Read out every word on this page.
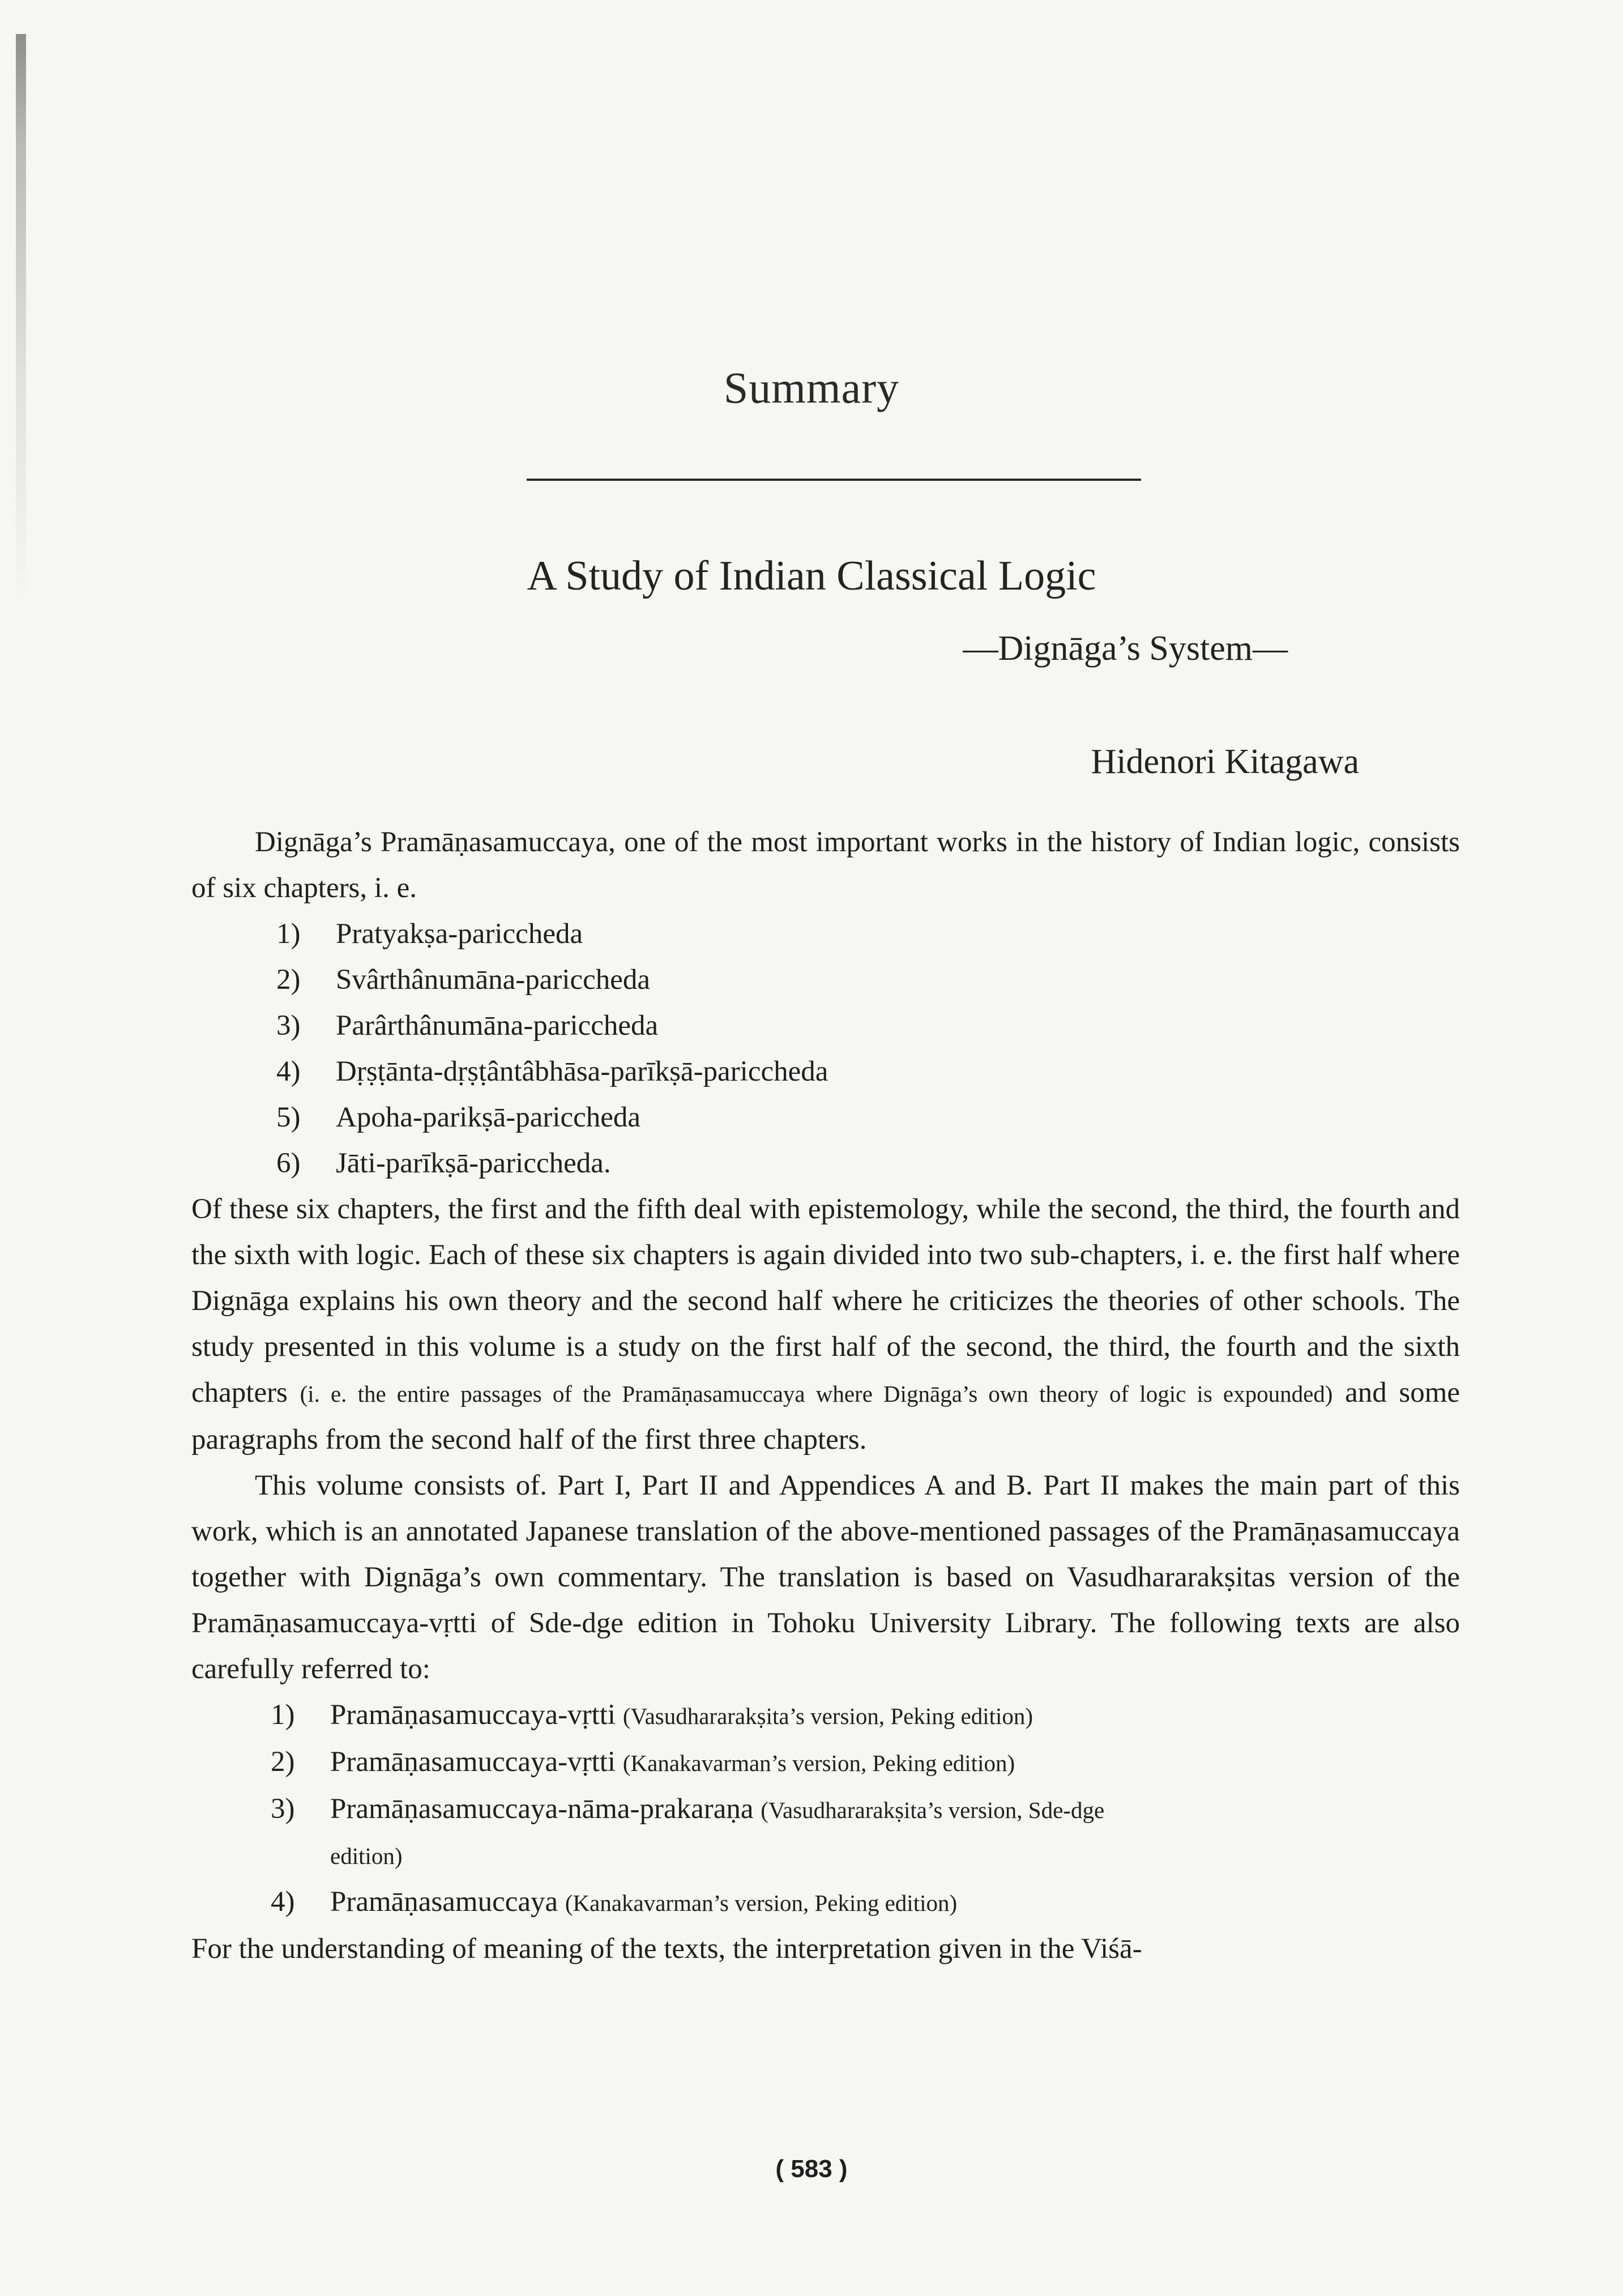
Summary
A Study of Indian Classical Logic
—Dignāga’s System—
Hidenori Kitagawa

Dignāga’s Pramāṇasamuccaya, one of the most important works in the history of Indian logic, consists of six chapters, i. e.

1)	Pratyakṣa-pariccheda
2)	Svârthânumāna-pariccheda
3)	Parârthânumāna-pariccheda
4)	Dṛṣṭānta-dṛṣṭântâbhāsa-parīkṣā-pariccheda
5)	Apoha-parikṣā-pariccheda
6)	Jāti-parīkṣā-pariccheda.

Of these six chapters, the first and the fifth deal with epistemology, while the second, the third, the fourth and the sixth with logic. Each of these six chapters is again divided into two sub-chapters, i. e. the first half where Dignāga explains his own theory and the second half where he criticizes the theories of other schools. The study presented in this volume is a study on the first half of the second, the third, the fourth and the sixth chapters (i. e. the entire passages of the Pramāṇasamuccaya where Dignāga’s own theory of logic is expounded) and some paragraphs from the second half of the first three chapters.

This volume consists of. Part I, Part II and Appendices A and B. Part II makes the main part of this work, which is an annotated Japanese translation of the above-mentioned passages of the Pramāṇasamuccaya together with Dignāga’s own commentary. The translation is based on Vasudhararakṣitas version of the Pramāṇasamuccaya-vṛtti of Sde-dge edition in Tohoku University Library. The following texts are also carefully referred to:

1)	Pramāṇasamuccaya-vṛtti (Vasudhararakṣita’s version, Peking edition)
2)	Pramāṇasamuccaya-vṛtti (Kanakavarman’s version, Peking edition)
3)	Pramāṇasamuccaya-nāma-prakaraṇa (Vasudhararakṣita’s version, Sde-dge
edition)
4)	Pramāṇasamuccaya (Kanakavarman’s version, Peking edition)

For the understanding of meaning of the texts, the interpretation given in the Viśā-

( 583 )
